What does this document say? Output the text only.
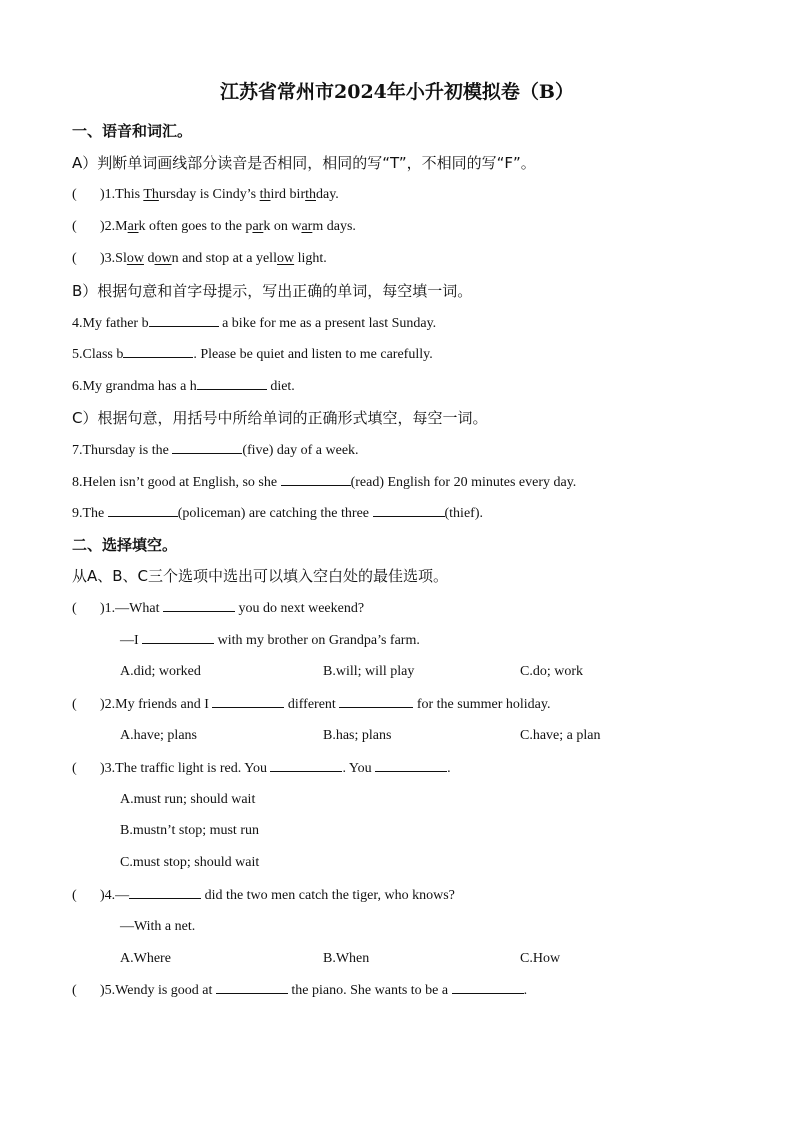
江苏省常州市2024年小升初模拟卷（B）
一、语音和词汇。
A）判断单词画线部分读音是否相同，相同的写“T”，不相同的写“F”。
( )1.This Thursday is Cindy’s third birthday.
( )2.Mark often goes to the park on warm days.
( )3.Slow down and stop at a yellow light.
B）根据句意和首字母提示，写出正确的单词，每空填一词。
4.My father b	a bike for me as a present last Sunday.
5.Class b	. Please be quiet and listen to me carefully.
6.My grandma has a h	diet.
C）根据句意，用括号中所给单词的正确形式填空，每空一词。
7.Thursday is the	(five) day of a week.
8.Helen isn’t good at English, so she	(read) English for 20 minutes every day.
9.The	(policeman) are catching the three	(thief).
二、选择填空。
从A、B、C三个选项中选出可以填入空白处的最佳选项。
( )1.—What	you do next weekend?
—I	with my brother on Grandpa’s farm.
A.did; worked	B.will; will play	C.do; work
( )2.My friends and I	different	for the summer holiday.
A.have; plans	B.has; plans	C.have; a plan
( )3.The traffic light is red. You	. You	.
A.must run; should wait
B.mustn’t stop; must run
C.must stop; should wait
( )4.—	did the two men catch the tiger, who knows?
—With a net.
A.Where	B.When	C.How
( )5.Wendy is good at	the piano. She wants to be a	.
